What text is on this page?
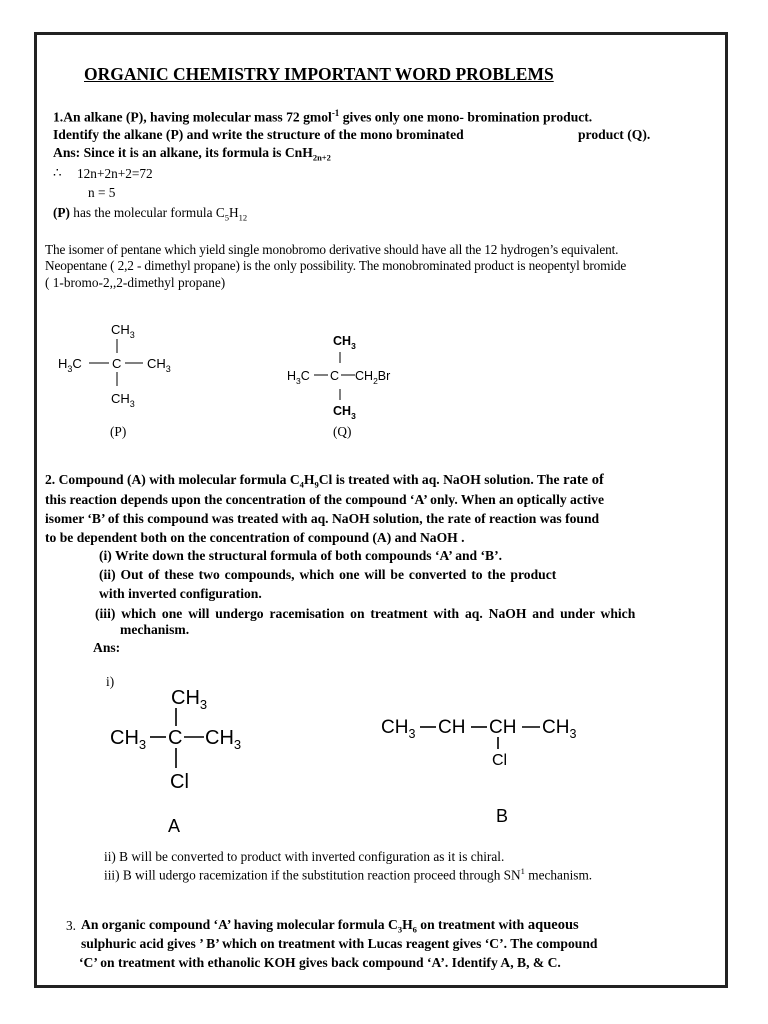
ORGANIC CHEMISTRY IMPORTANT WORD PROBLEMS
1.An alkane (P), having molecular mass 72 gmol$^{-1}$ gives only one mono- bromination product.
Identify the alkane (P) and write the structure of the mono brominated	product (Q).
Ans: Since it is an alkane, its formula is CnH$_{2n+2}$
∴ 12n+2n+2=72
n = 5
(P) has the molecular formula $C_5H_{12}$
The isomer of pentane which yield single monobromo derivative should have all the 12 hydrogen’s equivalent.
Neopentane ( 2,2 - dimethyl propane) is the only possibility. The monobrominated product is neopentyl bromide
( 1-bromo-2,,2-dimethyl propane)
$CH_3$
$H_3C$ C $CH_3$
$CH_3$
(P)
$CH_3$
$H_3C$ C $CH_2Br$
$CH_3$
(Q)
2. Compound (A) with molecular formula $C_4H_9Cl$ is treated with aq. NaOH solution. The rate of
this reaction depends upon the concentration of the compound ‘A’ only. When an optically active
isomer ‘B’ of this compound was treated with aq. NaOH solution, the rate of reaction was found
to be dependent both on the concentration of compound (A) and NaOH .
(i) Write down the structural formula of both compounds ‘A’ and ‘B’.
(ii) Out of these two compounds, which one will be converted to the product
with inverted configuration.
(iii) which one will undergo racemisation on treatment with aq. NaOH and under which
mechanism.
Ans:
i)
$CH_3$
$CH_3$ C $CH_3$
Cl
A
$CH_3$ CH CH $CH_3$
Cl
B
ii) B will be converted to product with inverted configuration as it is chiral.
iii) B will udergo racemization if the substitution reaction proceed through $SN^1$ mechanism.
3. An organic compound ‘A’ having molecular formula $C_3H_6$ on treatment with aqueous
sulphuric acid gives ’ B’ which on treatment with Lucas reagent gives ‘C’. The compound
‘C’ on treatment with ethanolic KOH gives back compound ‘A’. Identify A, B, & C.
